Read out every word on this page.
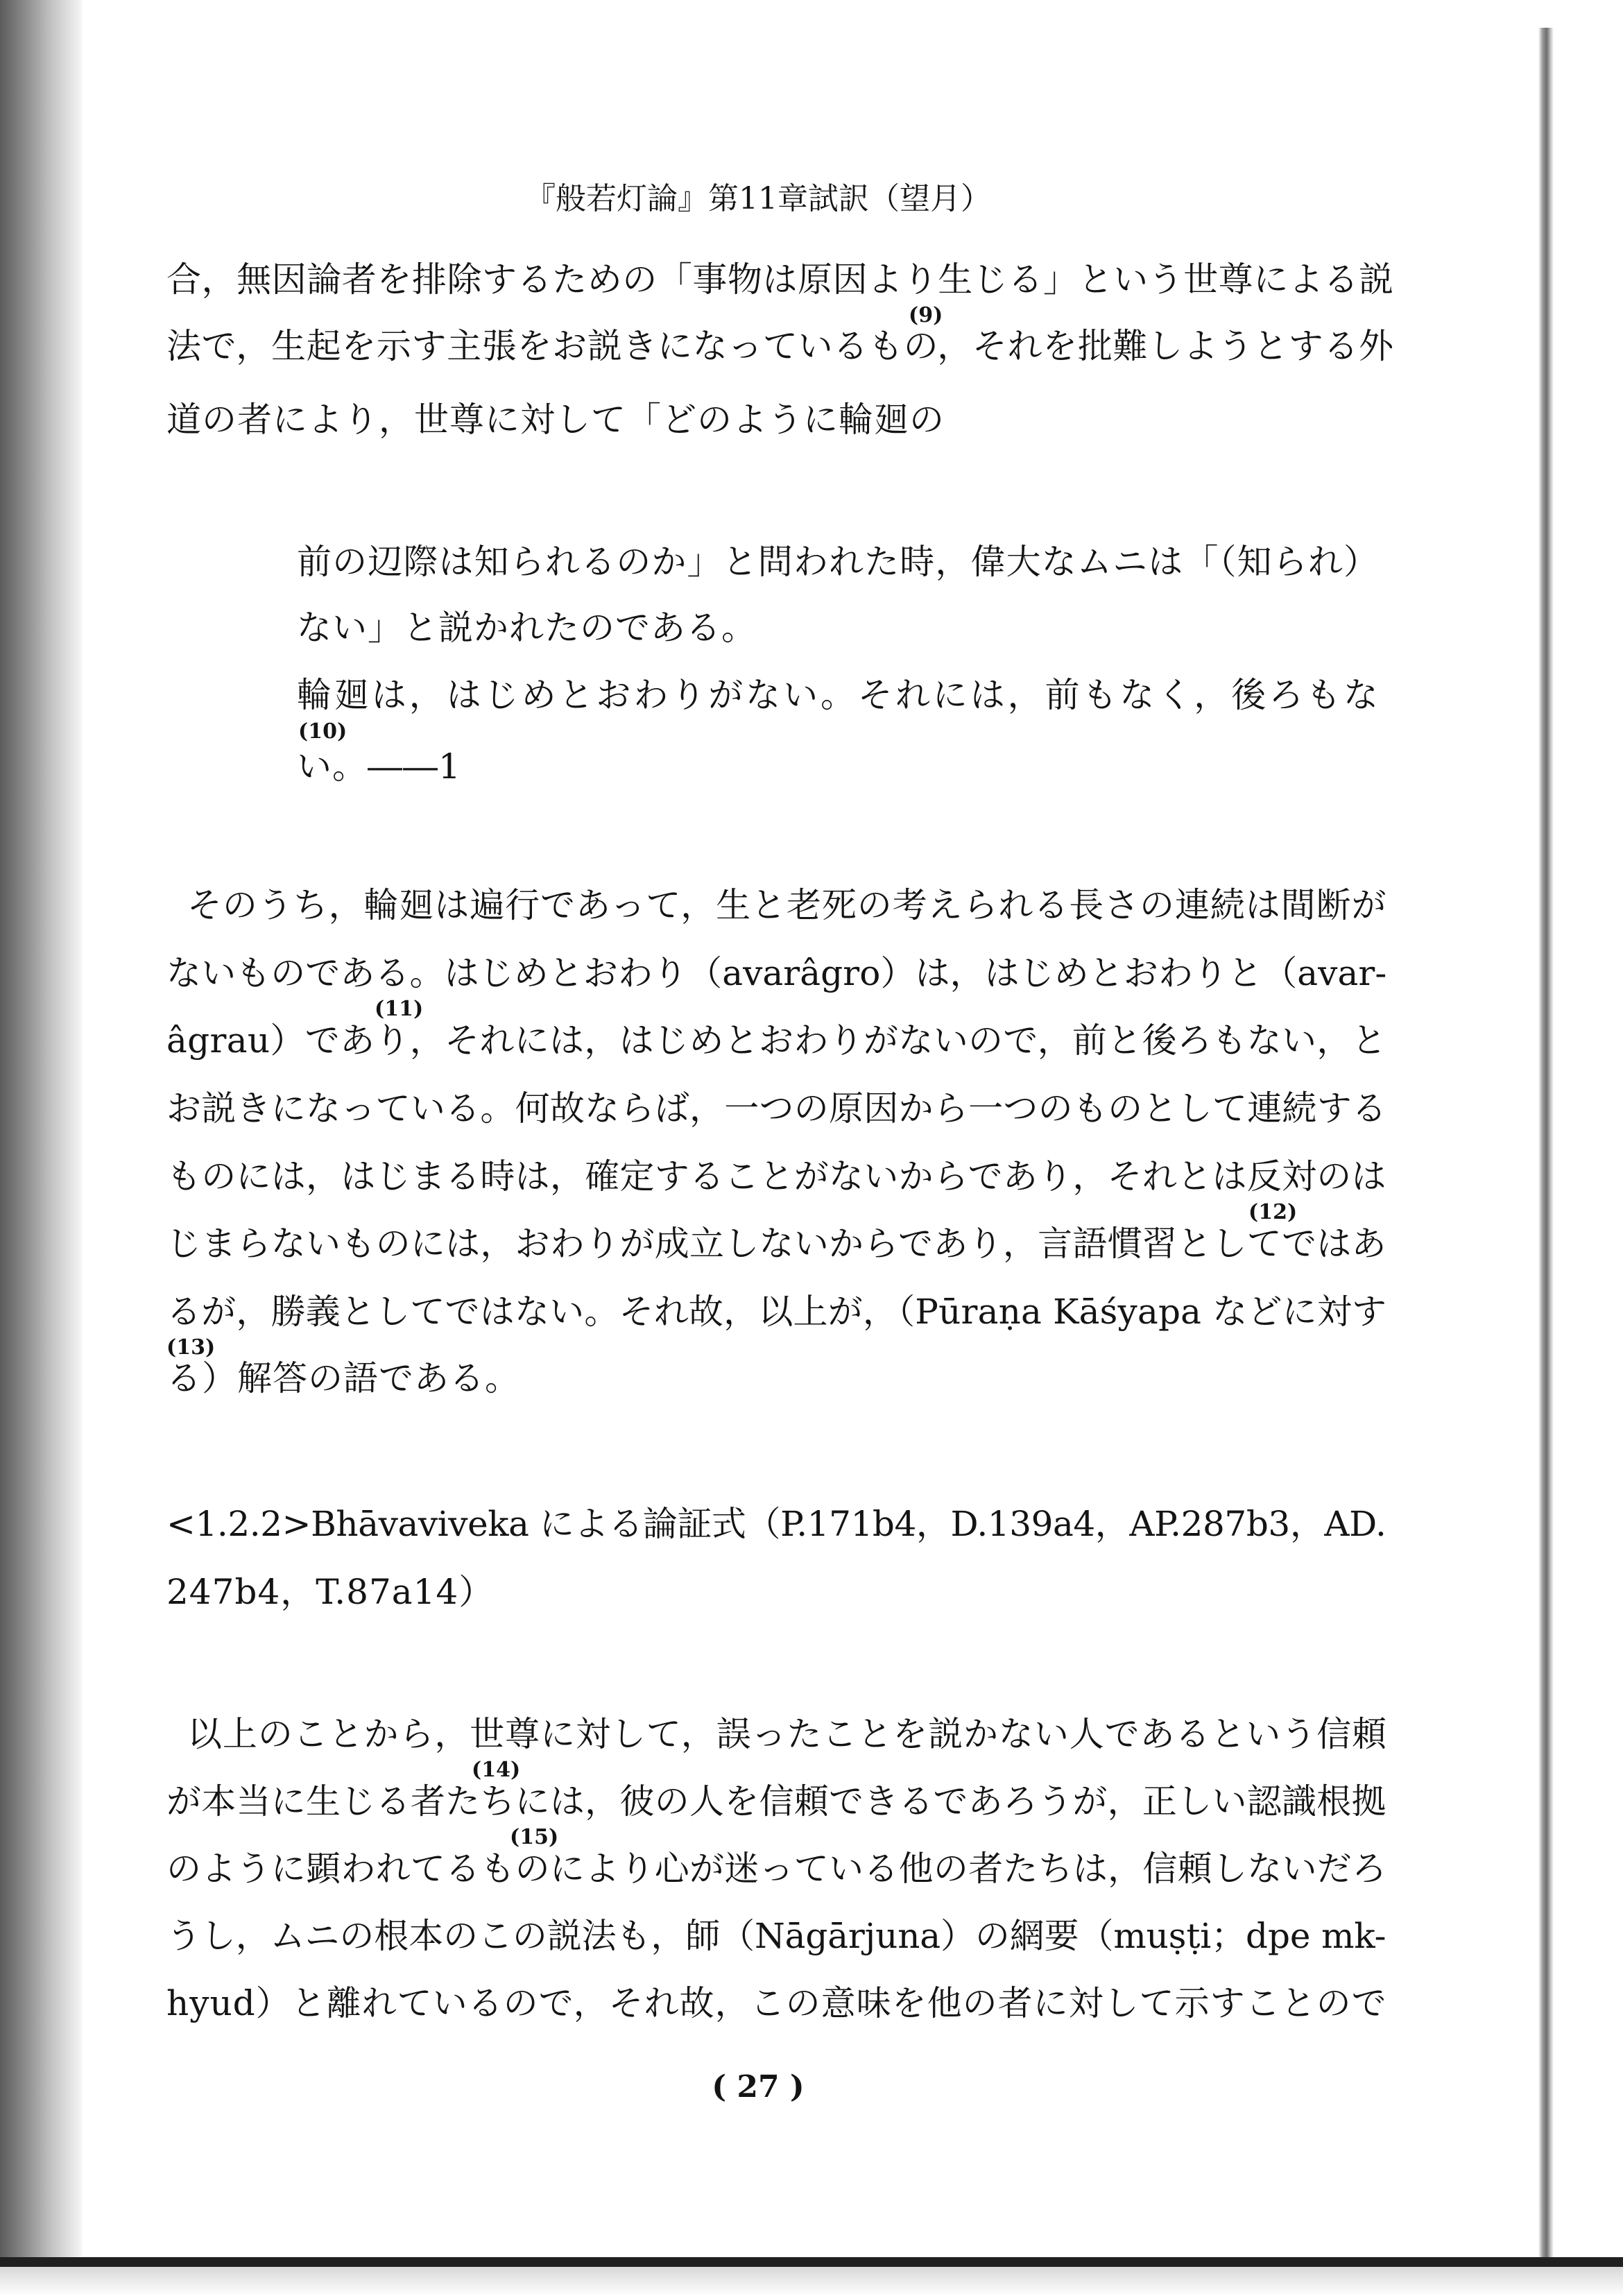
『般若灯論』第11章試訳（望月）
合，無因論者を排除するための「事物は原因より生じる」という世尊による説
(9)
法で，生起を示す主張をお説きになっているもの，それを批難しようとする外
道の者により，世尊に対して「どのように輪廻の
前の辺際は知られるのか」と問われた時，偉大なムニは「（知られ）
ない」と説かれたのである。
輪廻は，はじめとおわりがない。それには，前もなく，後ろもな
(10)
い。――1
そのうち，輪廻は遍行であって，生と老死の考えられる長さの連続は間断が
ないものである。はじめとおわり（avarâgro）は，はじめとおわりと（avar-
(11)
âgrau）であり，それには，はじめとおわりがないので，前と後ろもない，と
お説きになっている。何故ならば，一つの原因から一つのものとして連続する
ものには，はじまる時は，確定することがないからであり，それとは反対のは
(12)
じまらないものには，おわりが成立しないからであり，言語慣習としてではあ
るが，勝義としてではない。それ故，以上が，（Pūraṇa Kāśyapa などに対す
(13)
る）解答の語である。
<1.2.2>Bhāvaviveka による論証式（P.171b4，D.139a4，AP.287b3，AD.
247b4，T.87a14）
以上のことから，世尊に対して，誤ったことを説かない人であるという信頼
(14)
が本当に生じる者たちには，彼の人を信頼できるであろうが，正しい認識根拠
(15)
のように顕われてるものにより心が迷っている他の者たちは，信頼しないだろ
うし，ムニの根本のこの説法も，師（Nāgārjuna）の網要（muṣṭi；dpe mk-
hyud）と離れているので，それ故，この意味を他の者に対して示すことので
( 27 )
